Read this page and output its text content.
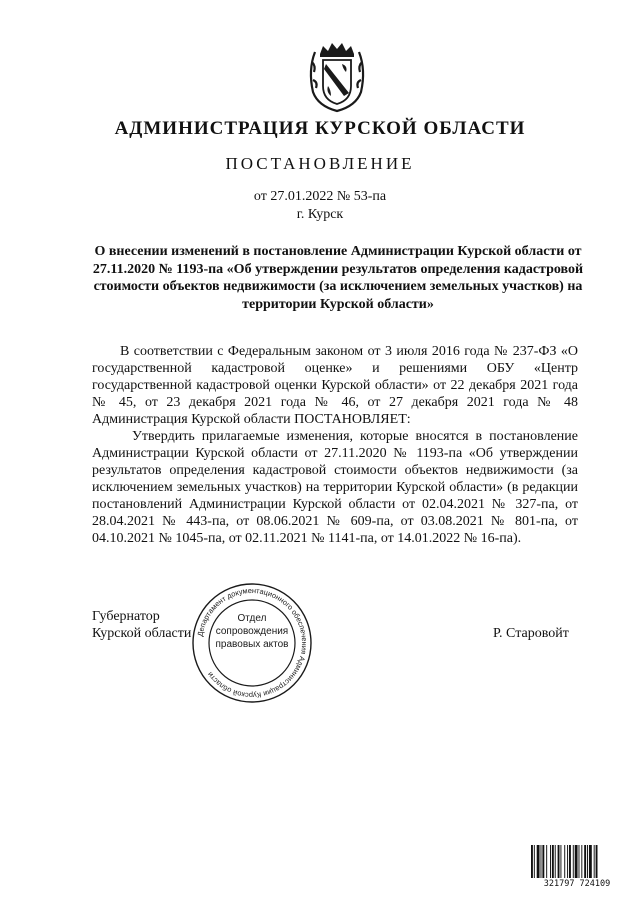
АДМИНИСТРАЦИЯ КУРСКОЙ ОБЛАСТИ
ПОСТАНОВЛЕНИЕ
от 27.01.2022 № 53-па
г. Курск
О внесении изменений в постановление Администрации Курской области от 27.11.2020 № 1193-па «Об утверждении результатов определения кадастровой стоимости объектов недвижимости (за исключением земельных участков) на территории Курской области»
В соответствии с Федеральным законом от 3 июля 2016 года № 237-ФЗ «О государственной кадастровой оценке» и решениями ОБУ «Центр государственной кадастровой оценки Курской области» от 22 декабря 2021 года № 45, от 23 декабря 2021 года № 46, от 27 декабря 2021 года № 48 Администрация Курской области ПОСТАНОВЛЯЕТ:
Утвердить прилагаемые изменения, которые вносятся в постановление Администрации Курской области от 27.11.2020 № 1193-па «Об утверждении результатов определения кадастровой стоимости объектов недвижимости (за исключением земельных участков) на территории Курской области» (в редакции постановлений Администрации Курской области от 02.04.2021 № 327-па, от 28.04.2021 № 443-па, от 08.06.2021 № 609-па, от 03.08.2021 № 801-па, от 04.10.2021 № 1045-па, от 02.11.2021 № 1141-па, от 14.01.2022 № 16-па).
Губернатор
Курской области	Р. Старовойт
Департамент документационного обеспечения Администрации Курской области
Отдел сопровождения правовых актов
321797 724109
